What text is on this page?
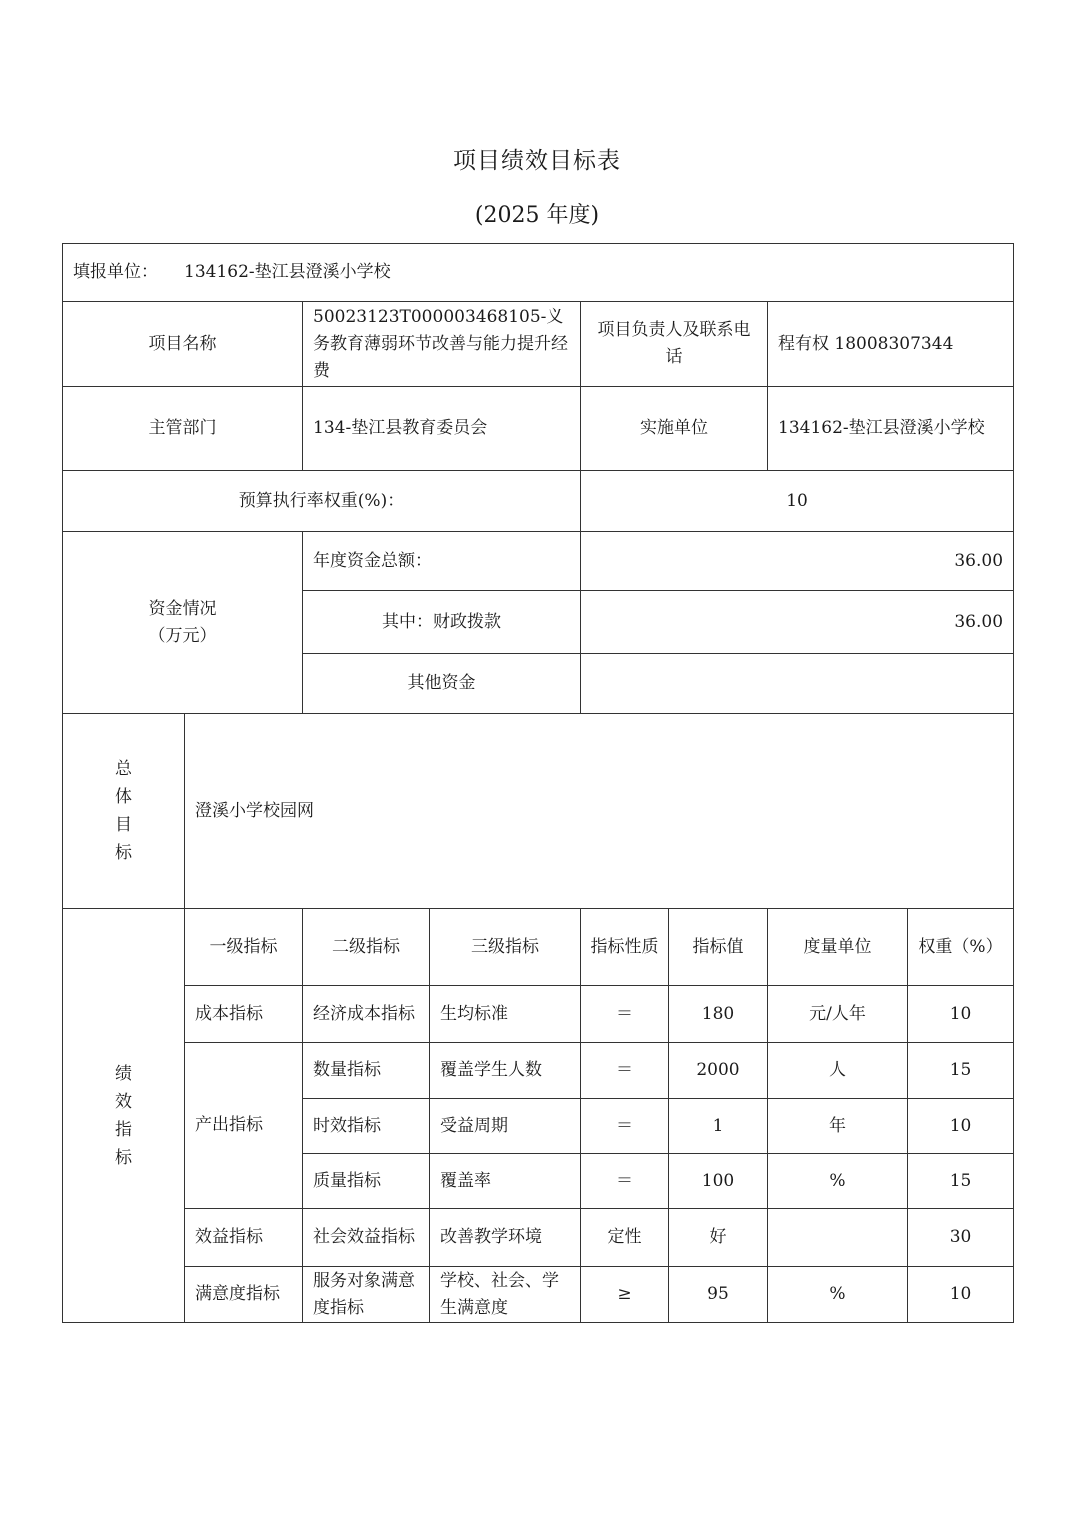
项目绩效目标表
(2025 年度)
填报单位： 134162-垫江县澄溪小学校							
项目名称		50023123T000003468105-义务教育薄弱环节改善与能力提升经费		项目负责人及联系电话		程有权 18008307344	
主管部门		134-垫江县教育委员会		实施单位		134162-垫江县澄溪小学校	
预算执行率权重(%)：				10			

资金情况
（万元）		年度资金总额：		36.00			
		其中：财政拨款		36.00			
		其他资金					

总
体
目
标	澄溪小学校园网						

绩
效
指
标	一级指标	二级指标	三级指标	指标性质	指标值	度量单位	权重（%）
	成本指标	经济成本指标	生均标准	＝	180	元/人年	10
	产出指标	数量指标	覆盖学生人数	＝	2000	人	15
		时效指标	受益周期	＝	1	年	10
		质量指标	覆盖率	＝	100	%	15
	效益指标	社会效益指标	改善教学环境	定性	好		30
	满意度指标	服务对象满意度指标	学校、社会、学生满意度	≥	95	%	10
